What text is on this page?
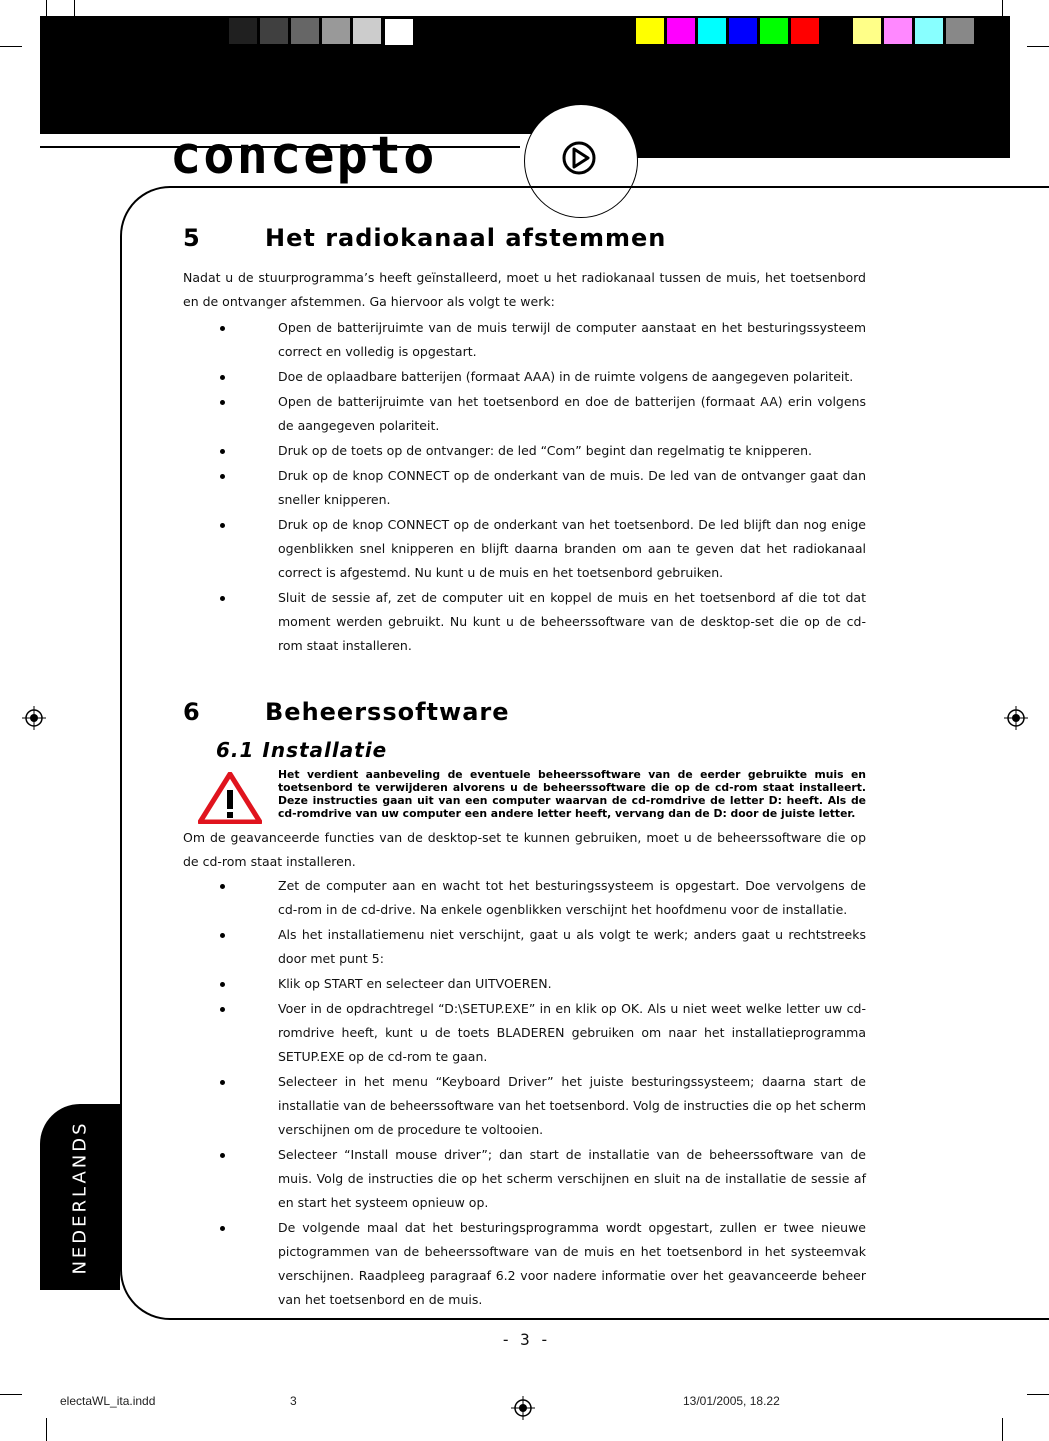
concepto
5	Het radiokanaal afstemmen
Nadat u de stuurprogramma’s heeft geïnstalleerd, moet u het radiokanaal tussen de muis, het toetsenbord en de ontvanger afstemmen. Ga hiervoor als volgt te werk:
Open de batterijruimte van de muis terwijl de computer aanstaat en het besturingssysteem correct en volledig is opgestart.
Doe de oplaadbare batterijen (formaat AAA) in de ruimte volgens de aangegeven polariteit.
Open de batterijruimte van het toetsenbord en doe de batterijen (formaat AA) erin volgens de aangegeven polariteit.
Druk op de toets op de ontvanger: de led “Com” begint dan regelmatig te knipperen.
Druk op de knop CONNECT op de onderkant van de muis. De led van de ontvanger gaat dan sneller knipperen.
Druk op de knop CONNECT op de onderkant van het toetsenbord. De led blijft dan nog enige ogenblikken snel knipperen en blijft daarna branden om aan te geven dat het radiokanaal correct is afgestemd. Nu kunt u de muis en het toetsenbord gebruiken.
Sluit de sessie af, zet de computer uit en koppel de muis en het toetsenbord af die tot dat moment werden gebruikt. Nu kunt u de beheerssoftware van de desktop-set die op de cd-rom staat installeren.
6	Beheerssoftware
6.1 Installatie
Het verdient aanbeveling de eventuele beheerssoftware van de eerder gebruikte muis en toetsenbord te verwijderen alvorens u de beheerssoftware die op de cd-rom staat installeert. Deze instructies gaan uit van een computer waarvan de cd-romdrive de letter D: heeft. Als de cd-romdrive van uw computer een andere letter heeft, vervang dan de D: door de juiste letter.
Om de geavanceerde functies van de desktop-set te kunnen gebruiken, moet u de beheerssoftware die op de cd-rom staat installeren.
Zet de computer aan en wacht tot het besturingssysteem is opgestart. Doe vervolgens de cd-rom in de cd-drive. Na enkele ogenblikken verschijnt het hoofdmenu voor de installatie.
Als het installatiemenu niet verschijnt, gaat u als volgt te werk; anders gaat u rechtstreeks door met punt 5:
Klik op START en selecteer dan UITVOEREN.
Voer in de opdrachtregel “D:\SETUP.EXE” in en klik op OK. Als u niet weet welke letter uw cd-romdrive heeft, kunt u de toets BLADEREN gebruiken om naar het installatieprogramma SETUP.EXE op de cd-rom te gaan.
Selecteer in het menu “Keyboard Driver” het juiste besturingssysteem; daarna start de installatie van de beheerssoftware van het toetsenbord. Volg de instructies die op het scherm verschijnen om de procedure te voltooien.
Selecteer “Install mouse driver”; dan start de installatie van de beheerssoftware van de muis. Volg de instructies die op het scherm verschijnen en sluit na de installatie de sessie af en start het systeem opnieuw op.
De volgende maal dat het besturingsprogramma wordt opgestart, zullen er twee nieuwe pictogrammen van de beheerssoftware van de muis en het toetsenbord in het systeemvak verschijnen. Raadpleeg paragraaf 6.2 voor nadere informatie over het geavanceerde beheer van het toetsenbord en de muis.
NEDERLANDS
- 3 -
electaWL_ita.indd	3	13/01/2005, 18.22
